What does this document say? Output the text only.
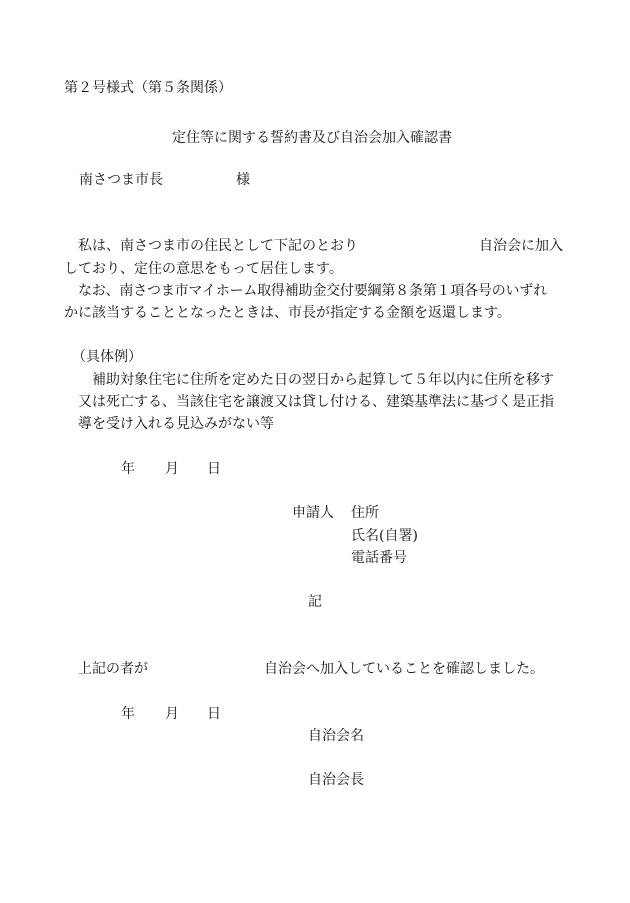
第２号様式（第５条関係）

定住等に関する誓約書及び自治会加入確認書

南さつま市長	様

私は、南さつま市の住民として下記のとおり	自治会に加入

しており、定住の意思をもって居住します。

なお、南さつま市マイホーム取得補助金交付要綱第８条第１項各号のいずれ

かに該当することとなったときは、市長が指定する金額を返還します。

（具体例）

補助対象住宅に住所を定めた日の翌日から起算して５年以内に住所を移す

又は死亡する、当該住宅を譲渡又は貸し付ける、建築基準法に基づく是正指

導を受け入れる見込みがない等

年 月 日

申請人 住所

氏名(自署)

電話番号

記

上記の者が	自治会へ加入していることを確認しました。

年 月 日

自治会名

自治会長
